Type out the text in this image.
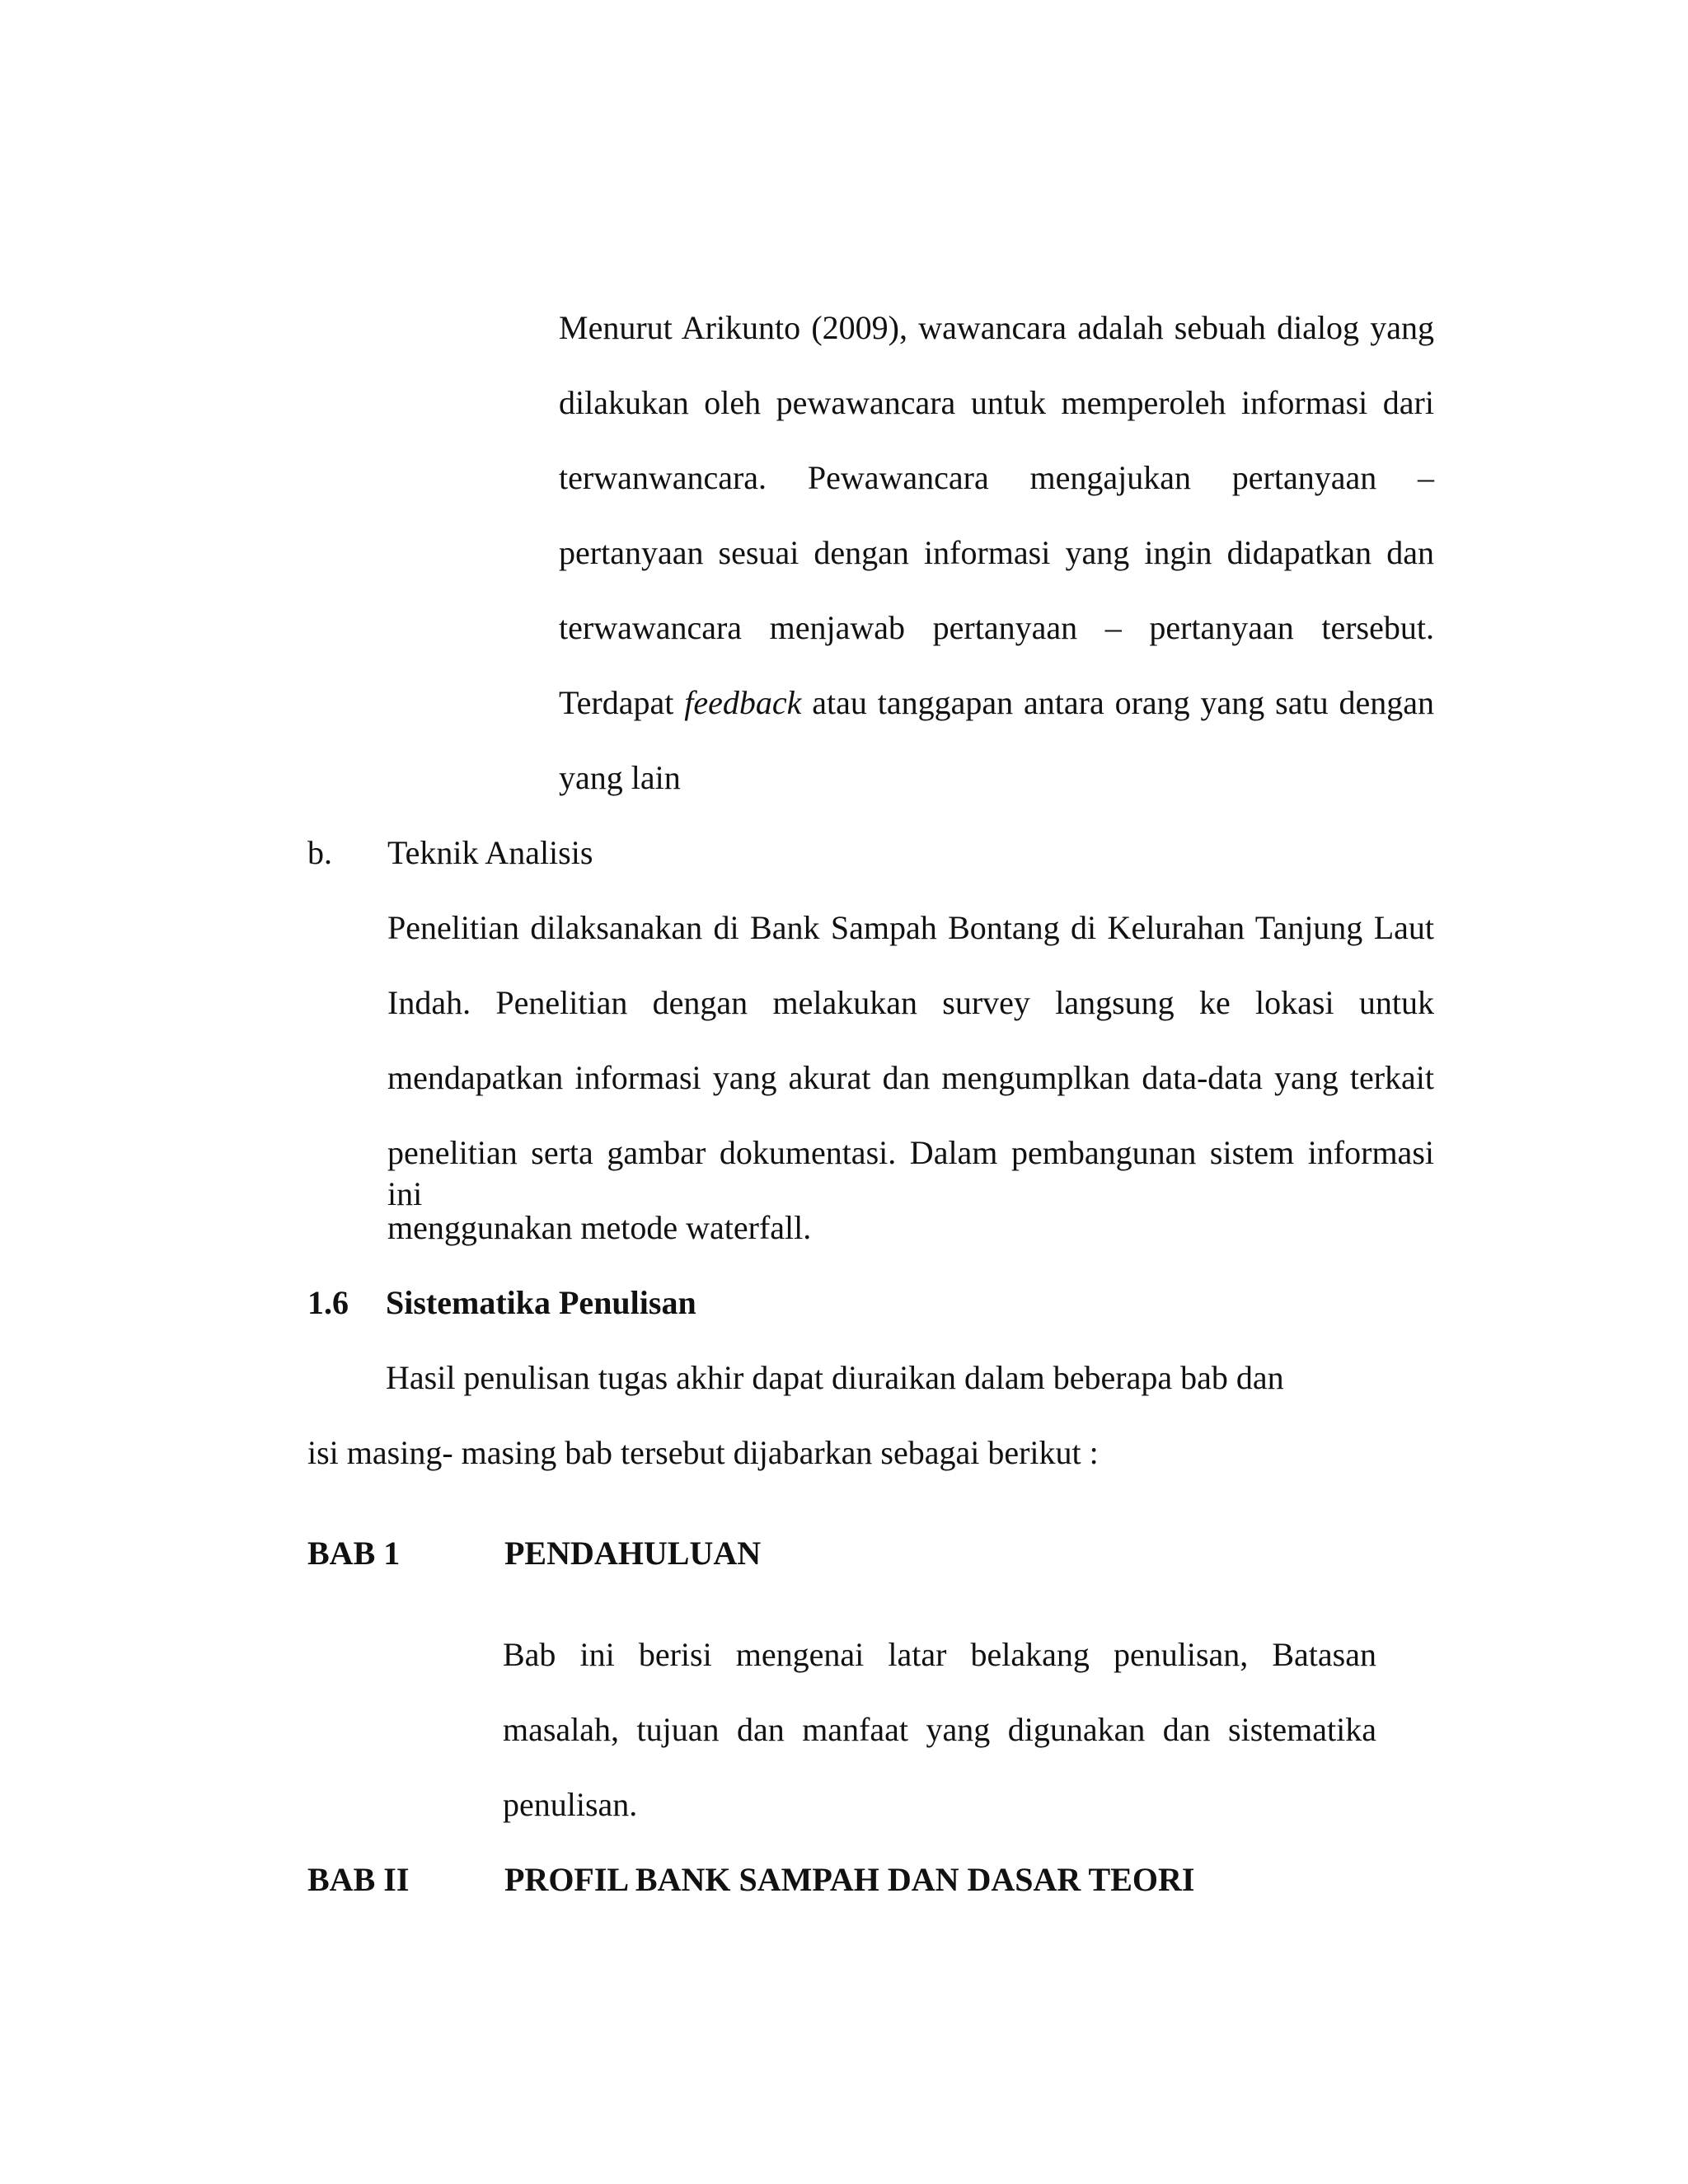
Menurut Arikunto (2009), wawancara adalah sebuah dialog yang
dilakukan oleh pewawancara untuk memperoleh informasi dari
terwanwancara. Pewawancara mengajukan pertanyaan –
pertanyaan sesuai dengan informasi yang ingin didapatkan dan
terwawancara menjawab pertanyaan – pertanyaan tersebut.
Terdapat feedback atau tanggapan antara orang yang satu dengan
yang lain
b. Teknik Analisis
Penelitian dilaksanakan di Bank Sampah Bontang di Kelurahan Tanjung Laut
Indah. Penelitian dengan melakukan survey langsung ke lokasi untuk
mendapatkan informasi yang akurat dan mengumplkan data-data yang terkait
penelitian serta gambar dokumentasi. Dalam pembangunan sistem informasi ini
menggunakan metode waterfall.
1.6 Sistematika Penulisan
Hasil penulisan tugas akhir dapat diuraikan dalam beberapa bab dan
isi masing- masing bab tersebut dijabarkan sebagai berikut :
BAB 1	PENDAHULUAN
Bab ini berisi mengenai latar belakang penulisan, Batasan
masalah, tujuan dan manfaat yang digunakan dan sistematika
penulisan.
BAB II	PROFIL BANK SAMPAH DAN DASAR TEORI
